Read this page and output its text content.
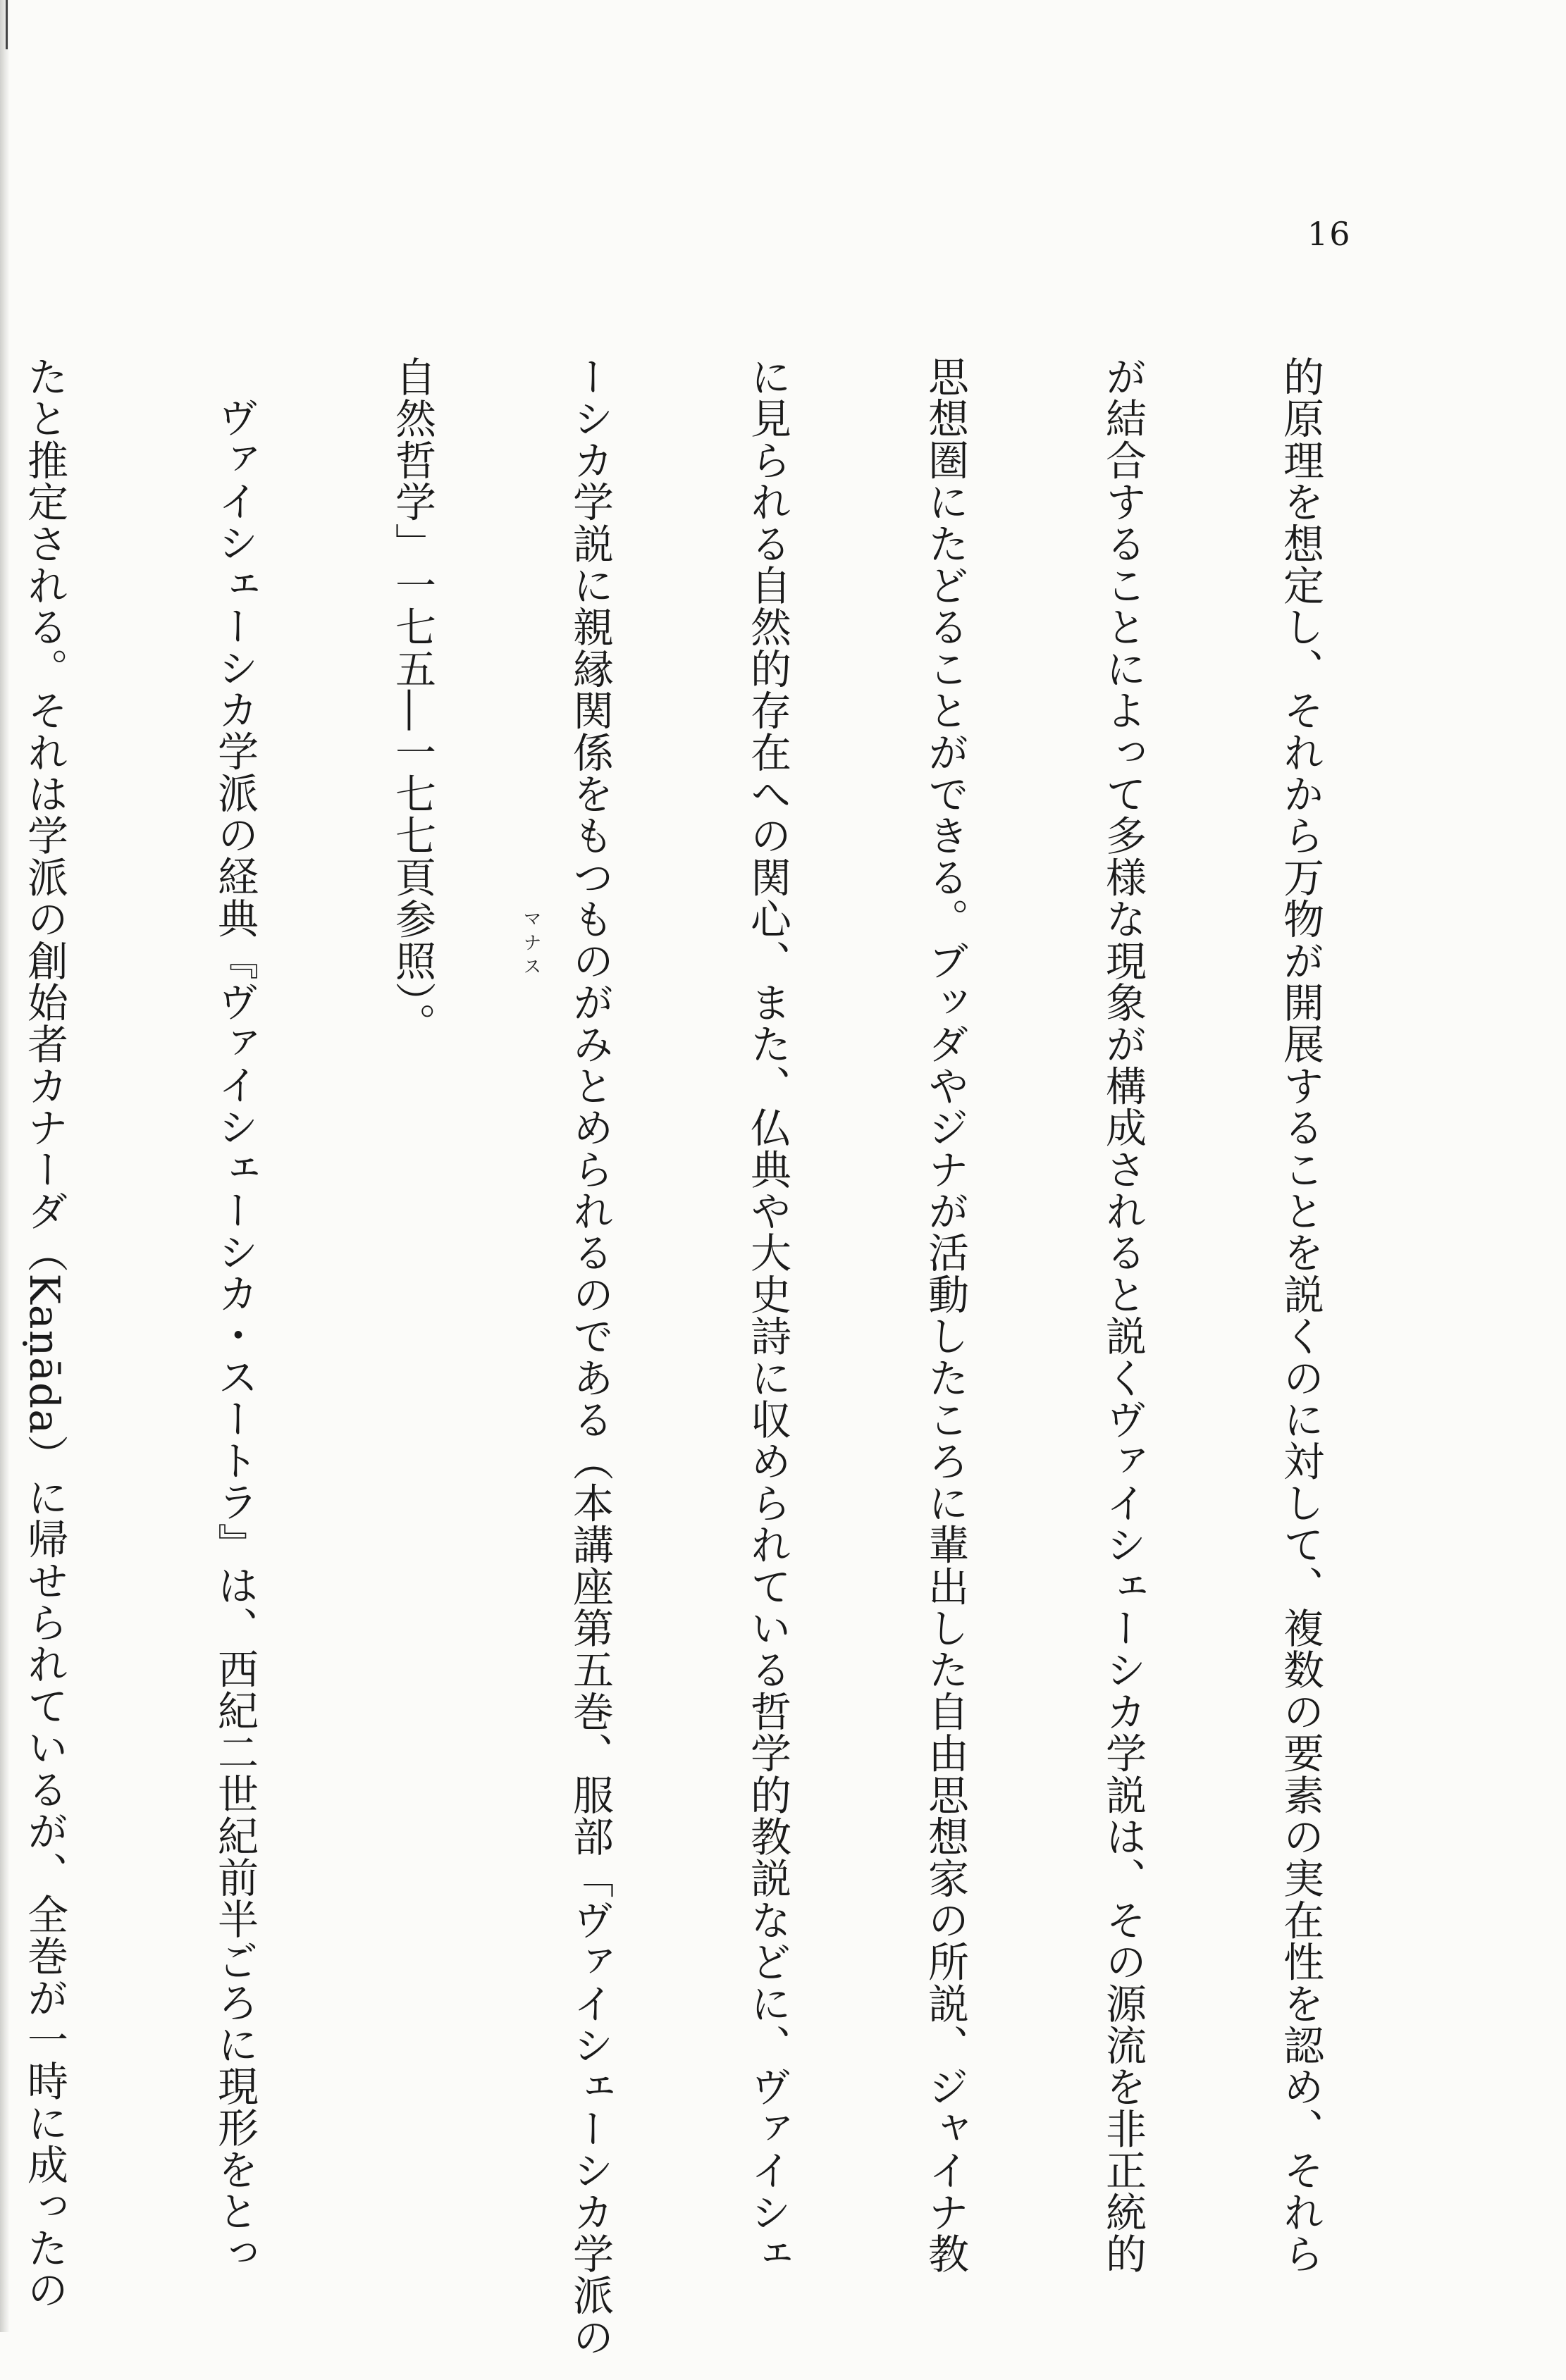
16

的原理を想定し、それから万物が開展することを説くのに対して、複数の要素の実在性を認め、それら

が結合することによって多様な現象が構成されると説くヴァイシェーシカ学説は、その源流を非正統的

思想圏にたどることができる。ブッダやジナが活動したころに輩出した自由思想家の所説、ジャイナ教

に見られる自然的存在への関心、また、仏典や大史詩に収められている哲学的教説などに、ヴァイシェ

ーシカ学説に親縁関係をもつものがみとめられるのである（本講座第五巻、服部「ヴァイシェーシカ学派の

自然哲学」一七五―一七七頁参照）。

ヴァイシェーシカ学派の経典『ヴァイシェーシカ・スートラ』は、西紀二世紀前半ごろに現形をとっ

たと推定される。それは学派の創始者カナーダ（Kaṇāda）に帰せられているが、全巻が一時に成ったの

	マナス
